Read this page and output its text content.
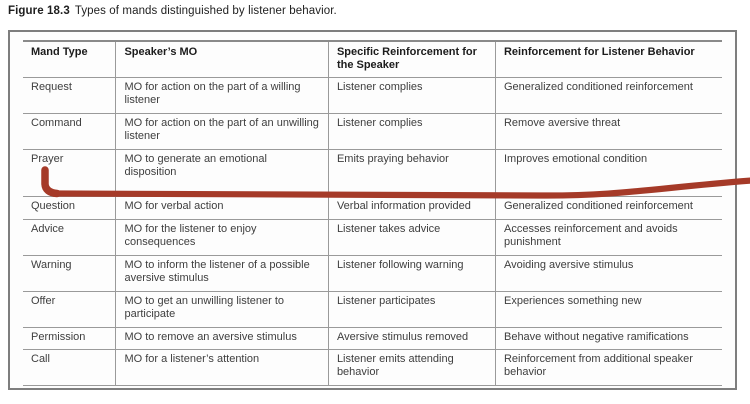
Figure 18.3 Types of mands distinguished by listener behavior.
Mand Type	Speaker’s MO	Specific Reinforcement for the Speaker	Reinforcement for Listener Behavior
Request	MO for action on the part of a willing listener	Listener complies	Generalized conditioned reinforcement
Command	MO for action on the part of an unwilling listener	Listener complies	Remove aversive threat
Prayer	MO to generate an emotional disposition	Emits praying behavior	Improves emotional condition
Question	MO for verbal action	Verbal information provided	Generalized conditioned reinforcement
Advice	MO for the listener to enjoy consequences	Listener takes advice	Accesses reinforcement and avoids punishment
Warning	MO to inform the listener of a possible aversive stimulus	Listener following warning	Avoiding aversive stimulus
Offer	MO to get an unwilling listener to participate	Listener participates	Experiences something new
Permission	MO to remove an aversive stimulus	Aversive stimulus removed	Behave without negative ramifications
Call	MO for a listener’s attention	Listener emits attending behavior	Reinforcement from additional speaker behavior
